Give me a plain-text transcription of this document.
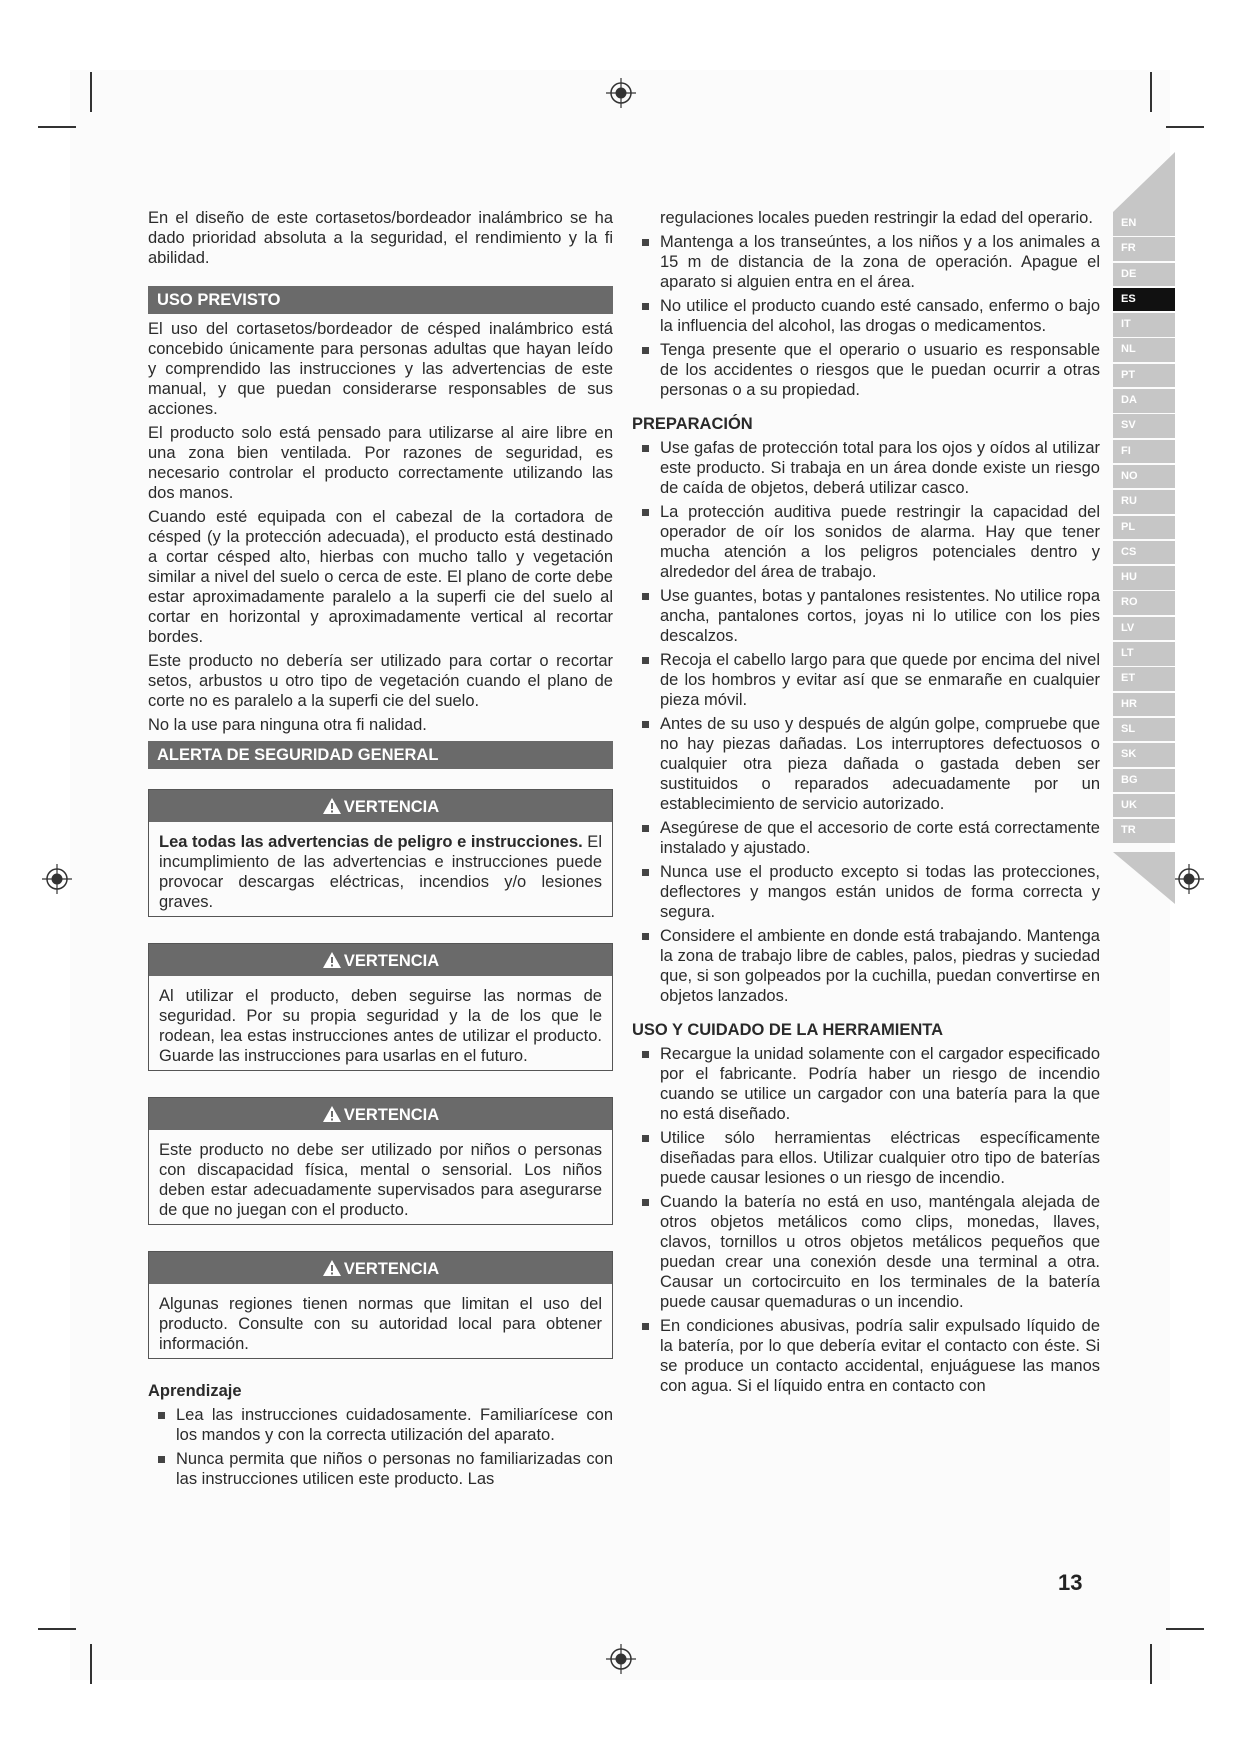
En el diseño de este cortasetos/bordeador inalámbrico se ha dado prioridad absoluta a la seguridad, el rendimiento y la fi abilidad.

USO PREVISTO

El uso del cortasetos/bordeador de césped inalámbrico está concebido únicamente para personas adultas que hayan leído y comprendido las instrucciones y las advertencias de este manual, y que puedan considerarse responsables de sus acciones.

El producto solo está pensado para utilizarse al aire libre en una zona bien ventilada. Por razones de seguridad, es necesario controlar el producto correctamente utilizando las dos manos.

Cuando esté equipada con el cabezal de la cortadora de césped (y la protección adecuada), el producto está destinado a cortar césped alto, hierbas con mucho tallo y vegetación similar a nivel del suelo o cerca de este. El plano de corte debe estar aproximadamente paralelo a la superfi cie del suelo al cortar en horizontal y aproximadamente vertical al recortar bordes.

Este producto no debería ser utilizado para cortar o recortar setos, arbustos u otro tipo de vegetación cuando el plano de corte no es paralelo a la superfi cie del suelo.

No la use para ninguna otra fi nalidad.

ALERTA DE SEGURIDAD GENERAL
VERTENCIA
Lea todas las advertencias de peligro e instrucciones. El incumplimiento de las advertencias e instrucciones puede provocar descargas eléctricas, incendios y/o lesiones graves.
VERTENCIA
Al utilizar el producto, deben seguirse las normas de seguridad. Por su propia seguridad y la de los que le rodean, lea estas instrucciones antes de utilizar el producto. Guarde las instrucciones para usarlas en el futuro.
VERTENCIA
Este producto no debe ser utilizado por niños o personas con discapacidad física, mental o sensorial. Los niños deben estar adecuadamente supervisados para asegurarse de que no juegan con el producto.
VERTENCIA
Algunas regiones tienen normas que limitan el uso del producto. Consulte con su autoridad local para obtener información.
Aprendizaje
Lea las instrucciones cuidadosamente. Familiarícese con los mandos y con la correcta utilización del aparato.
Nunca permita que niños o personas no familiarizadas con las instrucciones utilicen este producto. Las

regulaciones locales pueden restringir la edad del operario.

Mantenga a los transeúntes, a los niños y a los animales a 15 m de distancia de la zona de operación. Apague el aparato si alguien entra en el área.
No utilice el producto cuando esté cansado, enfermo o bajo la influencia del alcohol, las drogas o medicamentos.
Tenga presente que el operario o usuario es responsable de los accidentes o riesgos que le puedan ocurrir a otras personas o a su propiedad.
PREPARACIÓN
Use gafas de protección total para los ojos y oídos al utilizar este producto. Si trabaja en un área donde existe un riesgo de caída de objetos, deberá utilizar casco.
La protección auditiva puede restringir la capacidad del operador de oír los sonidos de alarma. Hay que tener mucha atención a los peligros potenciales dentro y alrededor del área de trabajo.
Use guantes, botas y pantalones resistentes. No utilice ropa ancha, pantalones cortos, joyas ni lo utilice con los pies descalzos.
Recoja el cabello largo para que quede por encima del nivel de los hombros y evitar así que se enmarañe en cualquier pieza móvil.
Antes de su uso y después de algún golpe, compruebe que no hay piezas dañadas. Los interruptores defectuosos o cualquier otra pieza dañada o gastada deben ser sustituidos o reparados adecuadamente por un establecimiento de servicio autorizado.
Asegúrese de que el accesorio de corte está correctamente instalado y ajustado.
Nunca use el producto excepto si todas las protecciones, deflectores y mangos están unidos de forma correcta y segura.
Considere el ambiente en donde está trabajando. Mantenga la zona de trabajo libre de cables, palos, piedras y suciedad que, si son golpeados por la cuchilla, puedan convertirse en objetos lanzados.
USO Y CUIDADO DE LA HERRAMIENTA
Recargue la unidad solamente con el cargador especificado por el fabricante. Podría haber un riesgo de incendio cuando se utilice un cargador con una batería para la que no está diseñado.
Utilice sólo herramientas eléctricas específicamente diseñadas para ellos. Utilizar cualquier otro tipo de baterías puede causar lesiones o un riesgo de incendio.
Cuando la batería no está en uso, manténgala alejada de otros objetos metálicos como clips, monedas, llaves, clavos, tornillos u otros objetos metálicos pequeños que puedan crear una conexión desde una terminal a otra. Causar un cortocircuito en los terminales de la batería puede causar quemaduras o un incendio.
En condiciones abusivas, podría salir expulsado líquido de la batería, por lo que debería evitar el contacto con éste. Si se produce un contacto accidental, enjuáguese las manos con agua. Si el líquido entra en contacto con
EN
FR
DE
ES
IT
NL
PT
DA
SV
FI
NO
RU
PL
CS
HU
RO
LV
LT
ET
HR
SL
SK
BG
UK
TR
13
